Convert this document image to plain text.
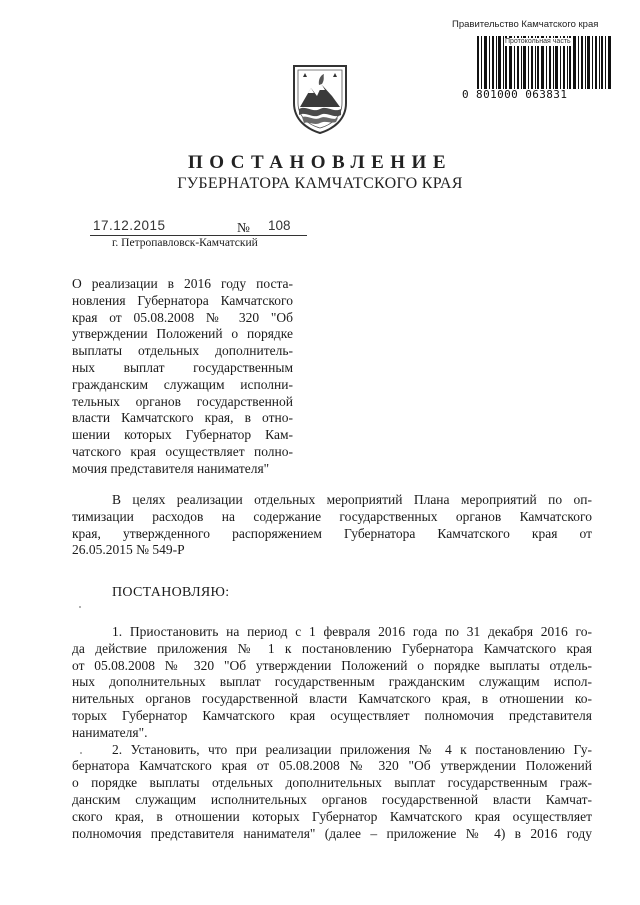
Правительство Камчатского края
Протокольная часть
0 801000 063831
ПОСТАНОВЛЕНИЕ
ГУБЕРНАТОРА КАМЧАТСКОГО КРАЯ
17.12.2015	№ 108
г. Петропавловск-Камчатский
О реализации в 2016 году поста-
новления Губернатора Камчатского
края от 05.08.2008 № 320 "Об
утверждении Положений о порядке
выплаты отдельных дополнитель-
ных выплат государственным
гражданским служащим исполни-
тельных органов государственной
власти Камчатского края, в отно-
шении которых Губернатор Кам-
чатского края осуществляет полно-
мочия представителя нанимателя"
В целях реализации отдельных мероприятий Плана мероприятий по оп-
тимизации расходов на содержание государственных органов Камчатского
края, утвержденного распоряжением Губернатора Камчатского края от
26.05.2015 № 549-Р
ПОСТАНОВЛЯЮ:
1. Приостановить на период с 1 февраля 2016 года по 31 декабря 2016 го-
да действие приложения № 1 к постановлению Губернатора Камчатского края
от 05.08.2008 № 320 "Об утверждении Положений о порядке выплаты отдель-
ных дополнительных выплат государственным гражданским служащим испол-
нительных органов государственной власти Камчатского края, в отношении ко-
торых Губернатор Камчатского края осуществляет полномочия представителя
нанимателя".
2. Установить, что при реализации приложения № 4 к постановлению Гу-
бернатора Камчатского края от 05.08.2008 № 320 "Об утверждении Положений
о порядке выплаты отдельных дополнительных выплат государственным граж-
данским служащим исполнительных органов государственной власти Камчат-
ского края, в отношении которых Губернатор Камчатского края осуществляет
полномочия представителя нанимателя" (далее – приложение № 4) в 2016 году
